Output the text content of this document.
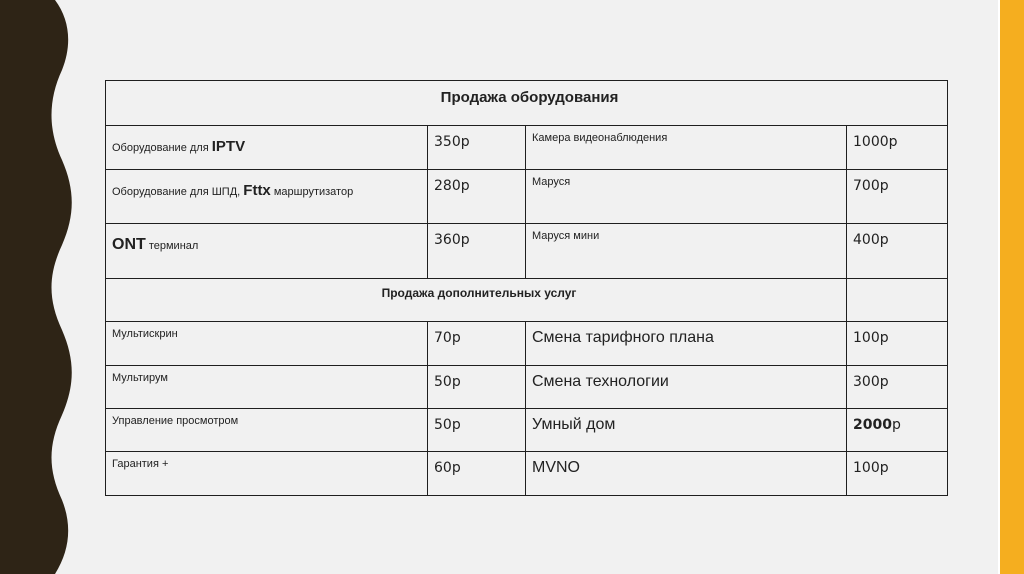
Продажа оборудования			
Оборудование для IPTV	350р	Камера видеонаблюдения	1000р
Оборудование для ШПД, Fttx маршрутизатор	280р	Маруся	700р
ONT терминал	360р	Маруся мини	400р
Продажа дополнительных услуг			
Мультискрин	70р	Смена тарифного плана	100р
Мультирум	50р	Смена технологии	300р
Управление просмотром	50р	Умный дом	2000р
Гарантия +	60р	MVNO	100р
